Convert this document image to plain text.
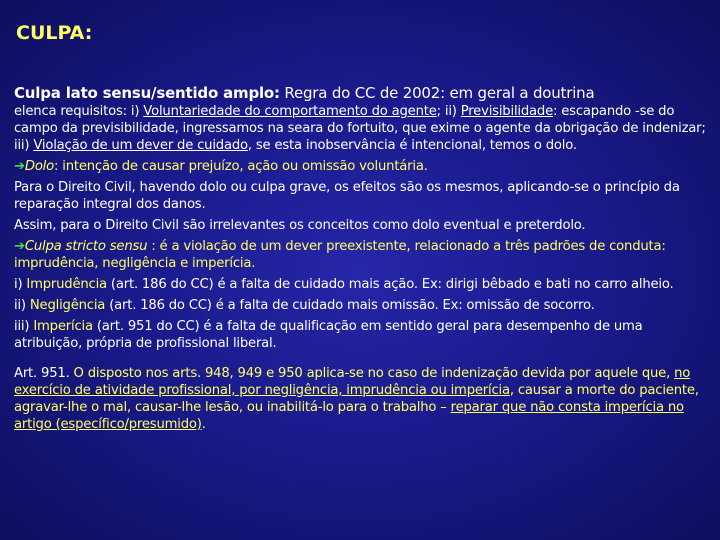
CULPA:

Culpa lato sensu/sentido amplo: Regra do CC de 2002: em geral a doutrina

elenca requisitos: i) Voluntariedade do comportamento do agente; ii) Previsibilidade: escapando -se do campo da previsibilidade, ingressamos na seara do fortuito, que exime o agente da obrigação de indenizar; iii) Violação de um dever de cuidado, se esta inobservância é intencional, temos o dolo.

➔Dolo: intenção de causar prejuízo, ação ou omissão voluntária.

Para o Direito Civil, havendo dolo ou culpa grave, os efeitos são os mesmos, aplicando-se o princípio da reparação integral dos danos.

Assim, para o Direito Civil são irrelevantes os conceitos como dolo eventual e preterdolo.

➔Culpa stricto sensu : é a violação de um dever preexistente, relacionado a três padrões de conduta: imprudência, negligência e imperícia.

i) Imprudência (art. 186 do CC) é a falta de cuidado mais ação. Ex: dirigi bêbado e bati no carro alheio.

ii) Negligência (art. 186 do CC) é a falta de cuidado mais omissão. Ex: omissão de socorro.

iii) Imperícia (art. 951 do CC) é a falta de qualificação em sentido geral para desempenho de uma atribuição, própria de profissional liberal.

Art. 951. O disposto nos arts. 948, 949 e 950 aplica-se no caso de indenização devida por aquele que, no exercício de atividade profissional, por negligência, imprudência ou imperícia, causar a morte do paciente, agravar-lhe o mal, causar-lhe lesão, ou inabilitá-lo para o trabalho – reparar que não consta imperícia no artigo (específico/presumido).
